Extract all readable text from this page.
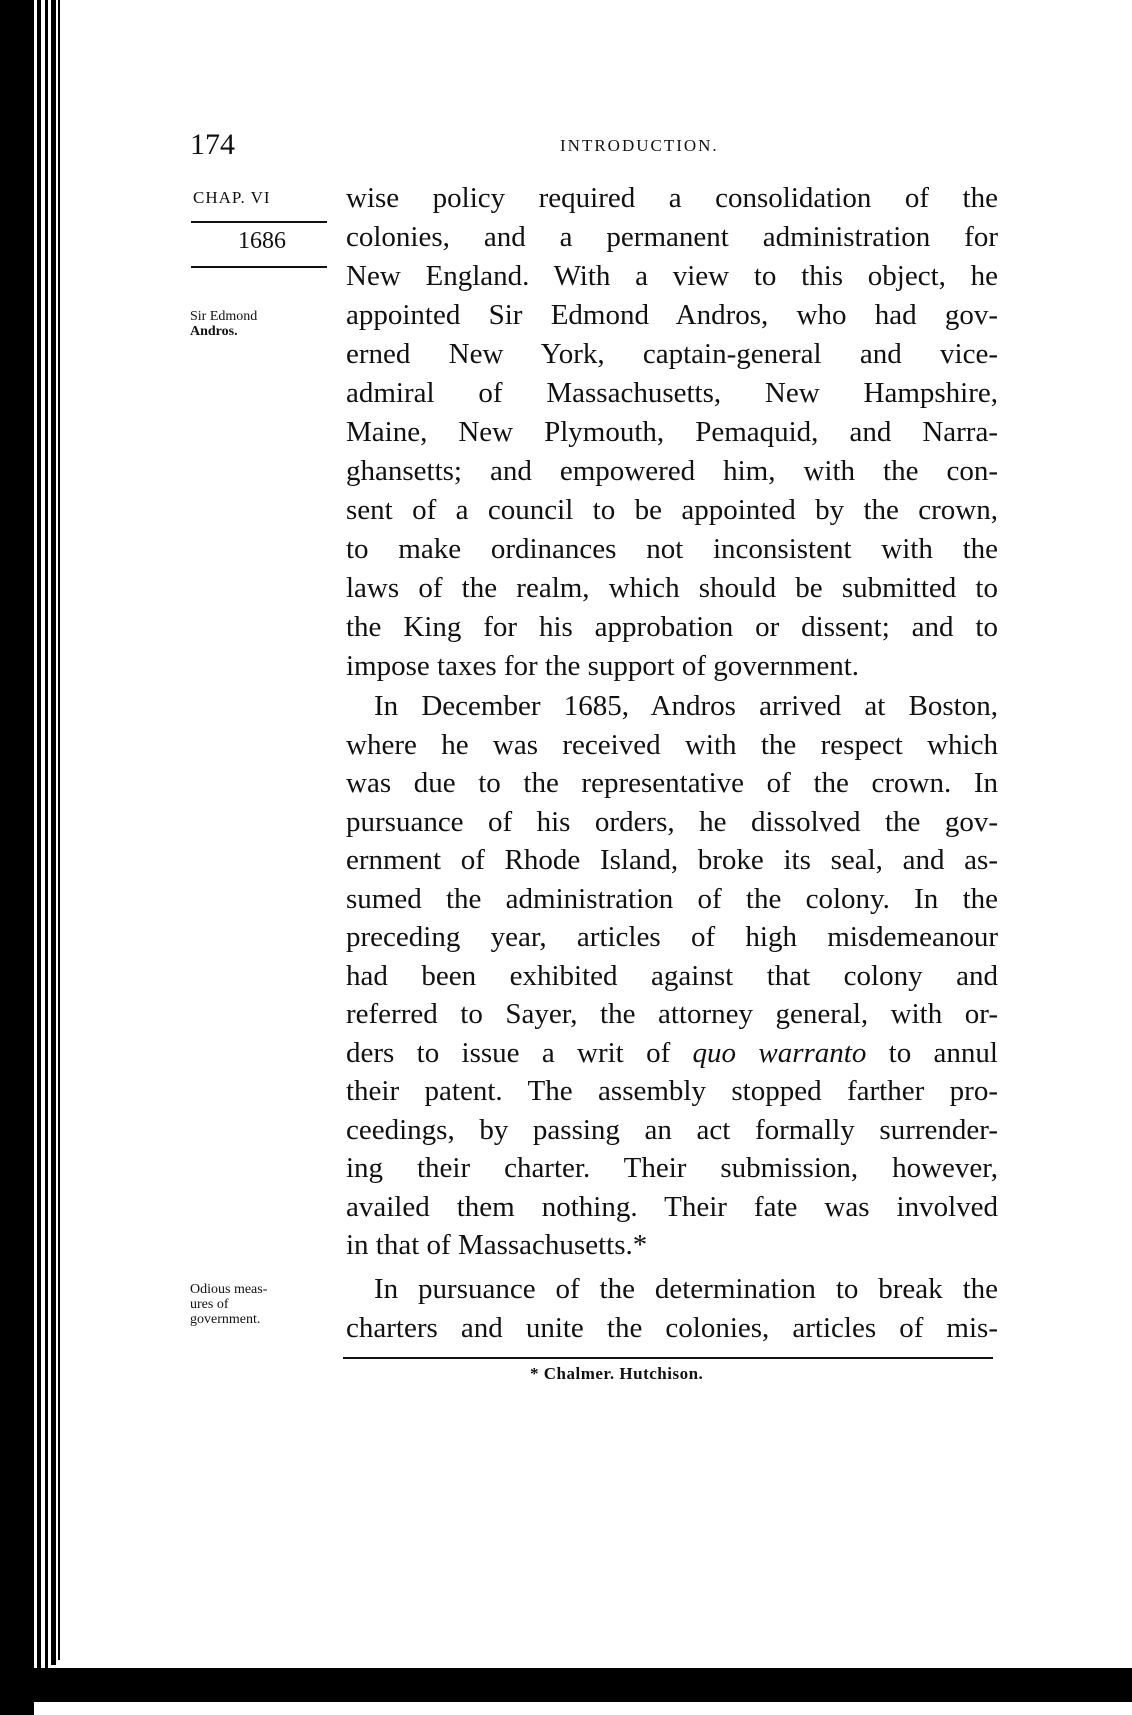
174	INTRODUCTION.
CHAP. VI
1686
Sir Edmond
Andros.
Odious meas-
ures of
government.
wise policy required a consolidation of the
colonies, and a permanent administration for
New England. With a view to this object, he
appointed Sir Edmond Andros, who had gov-
erned New York, captain-general and vice-
admiral of Massachusetts, New Hampshire,
Maine, New Plymouth, Pemaquid, and Narra-
ghansetts; and empowered him, with the con-
sent of a council to be appointed by the crown,
to make ordinances not inconsistent with the
laws of the realm, which should be submitted to
the King for his approbation or dissent; and to
impose taxes for the support of government.
In December 1685, Andros arrived at Boston,
where he was received with the respect which
was due to the representative of the crown. In
pursuance of his orders, he dissolved the gov-
ernment of Rhode Island, broke its seal, and as-
sumed the administration of the colony. In the
preceding year, articles of high misdemeanour
had been exhibited against that colony and
referred to Sayer, the attorney general, with or-
ders to issue a writ of quo warranto to annul
their patent. The assembly stopped farther pro-
ceedings, by passing an act formally surrender-
ing their charter. Their submission, however,
availed them nothing. Their fate was involved
in that of Massachusetts.*
In pursuance of the determination to break the
charters and unite the colonies, articles of mis-
* Chalmer. Hutchison.
